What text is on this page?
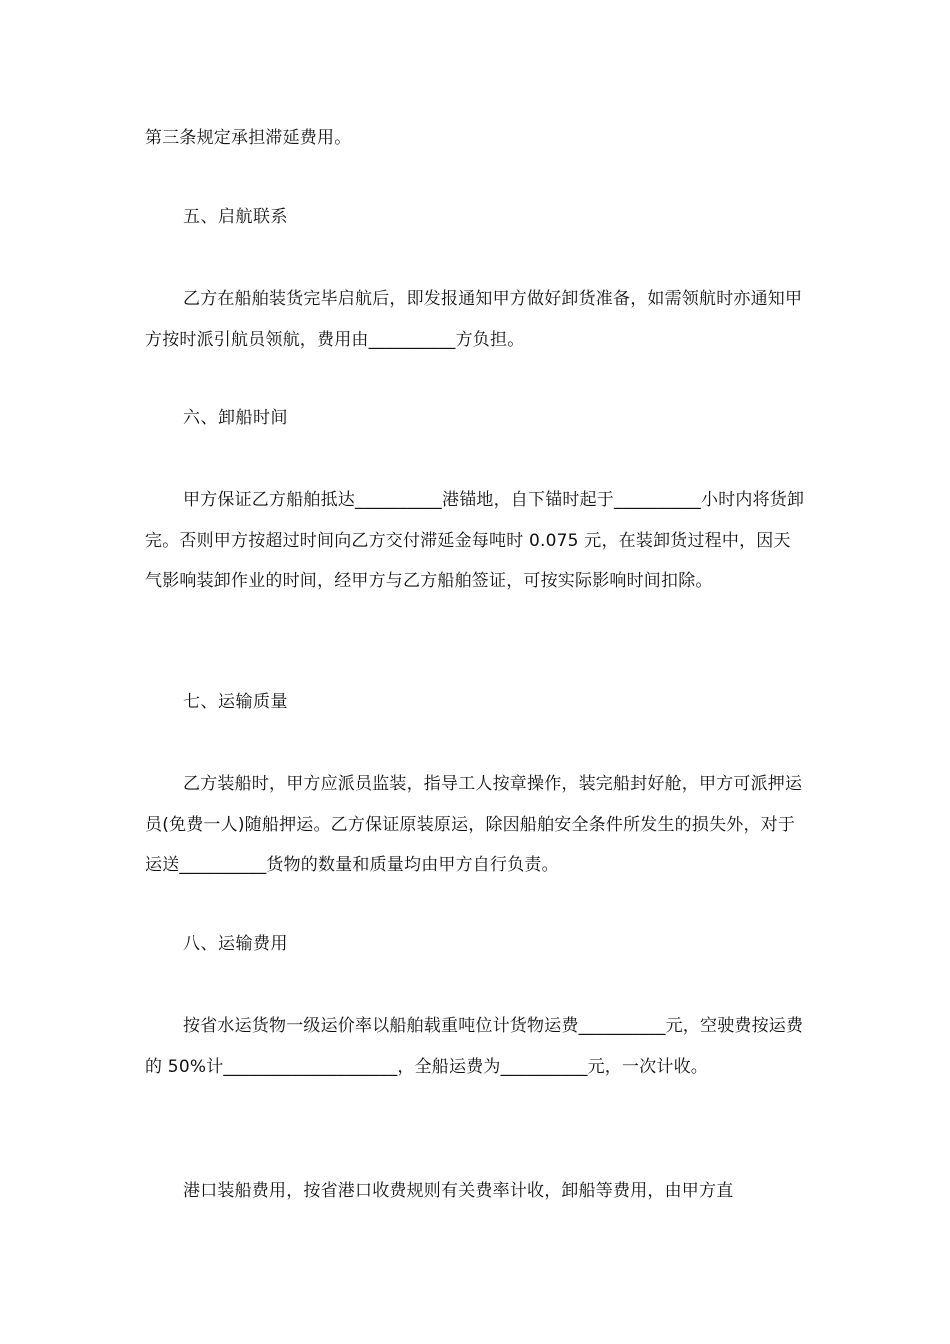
第三条规定承担滞延费用。

五、启航联系

乙方在船舶装货完毕启航后，即发报通知甲方做好卸货准备，如需领航时亦通知甲方按时派引航员领航，费用由__________方负担。

六、卸船时间

甲方保证乙方船舶抵达__________港锚地，自下锚时起于__________小时内将货卸完。否则甲方按超过时间向乙方交付滞延金每吨时 0.075 元，在装卸货过程中，因天气影响装卸作业的时间，经甲方与乙方船舶签证，可按实际影响时间扣除。

七、运输质量

乙方装船时，甲方应派员监装，指导工人按章操作，装完船封好舱，甲方可派押运员(免费一人)随船押运。乙方保证原装原运，除因船舶安全条件所发生的损失外，对于运送__________货物的数量和质量均由甲方自行负责。

八、运输费用

按省水运货物一级运价率以船舶载重吨位计货物运费__________元，空驶费按运费的 50%计____________________，全船运费为__________元，一次计收。

港口装船费用，按省港口收费规则有关费率计收，卸船等费用，由甲方直
